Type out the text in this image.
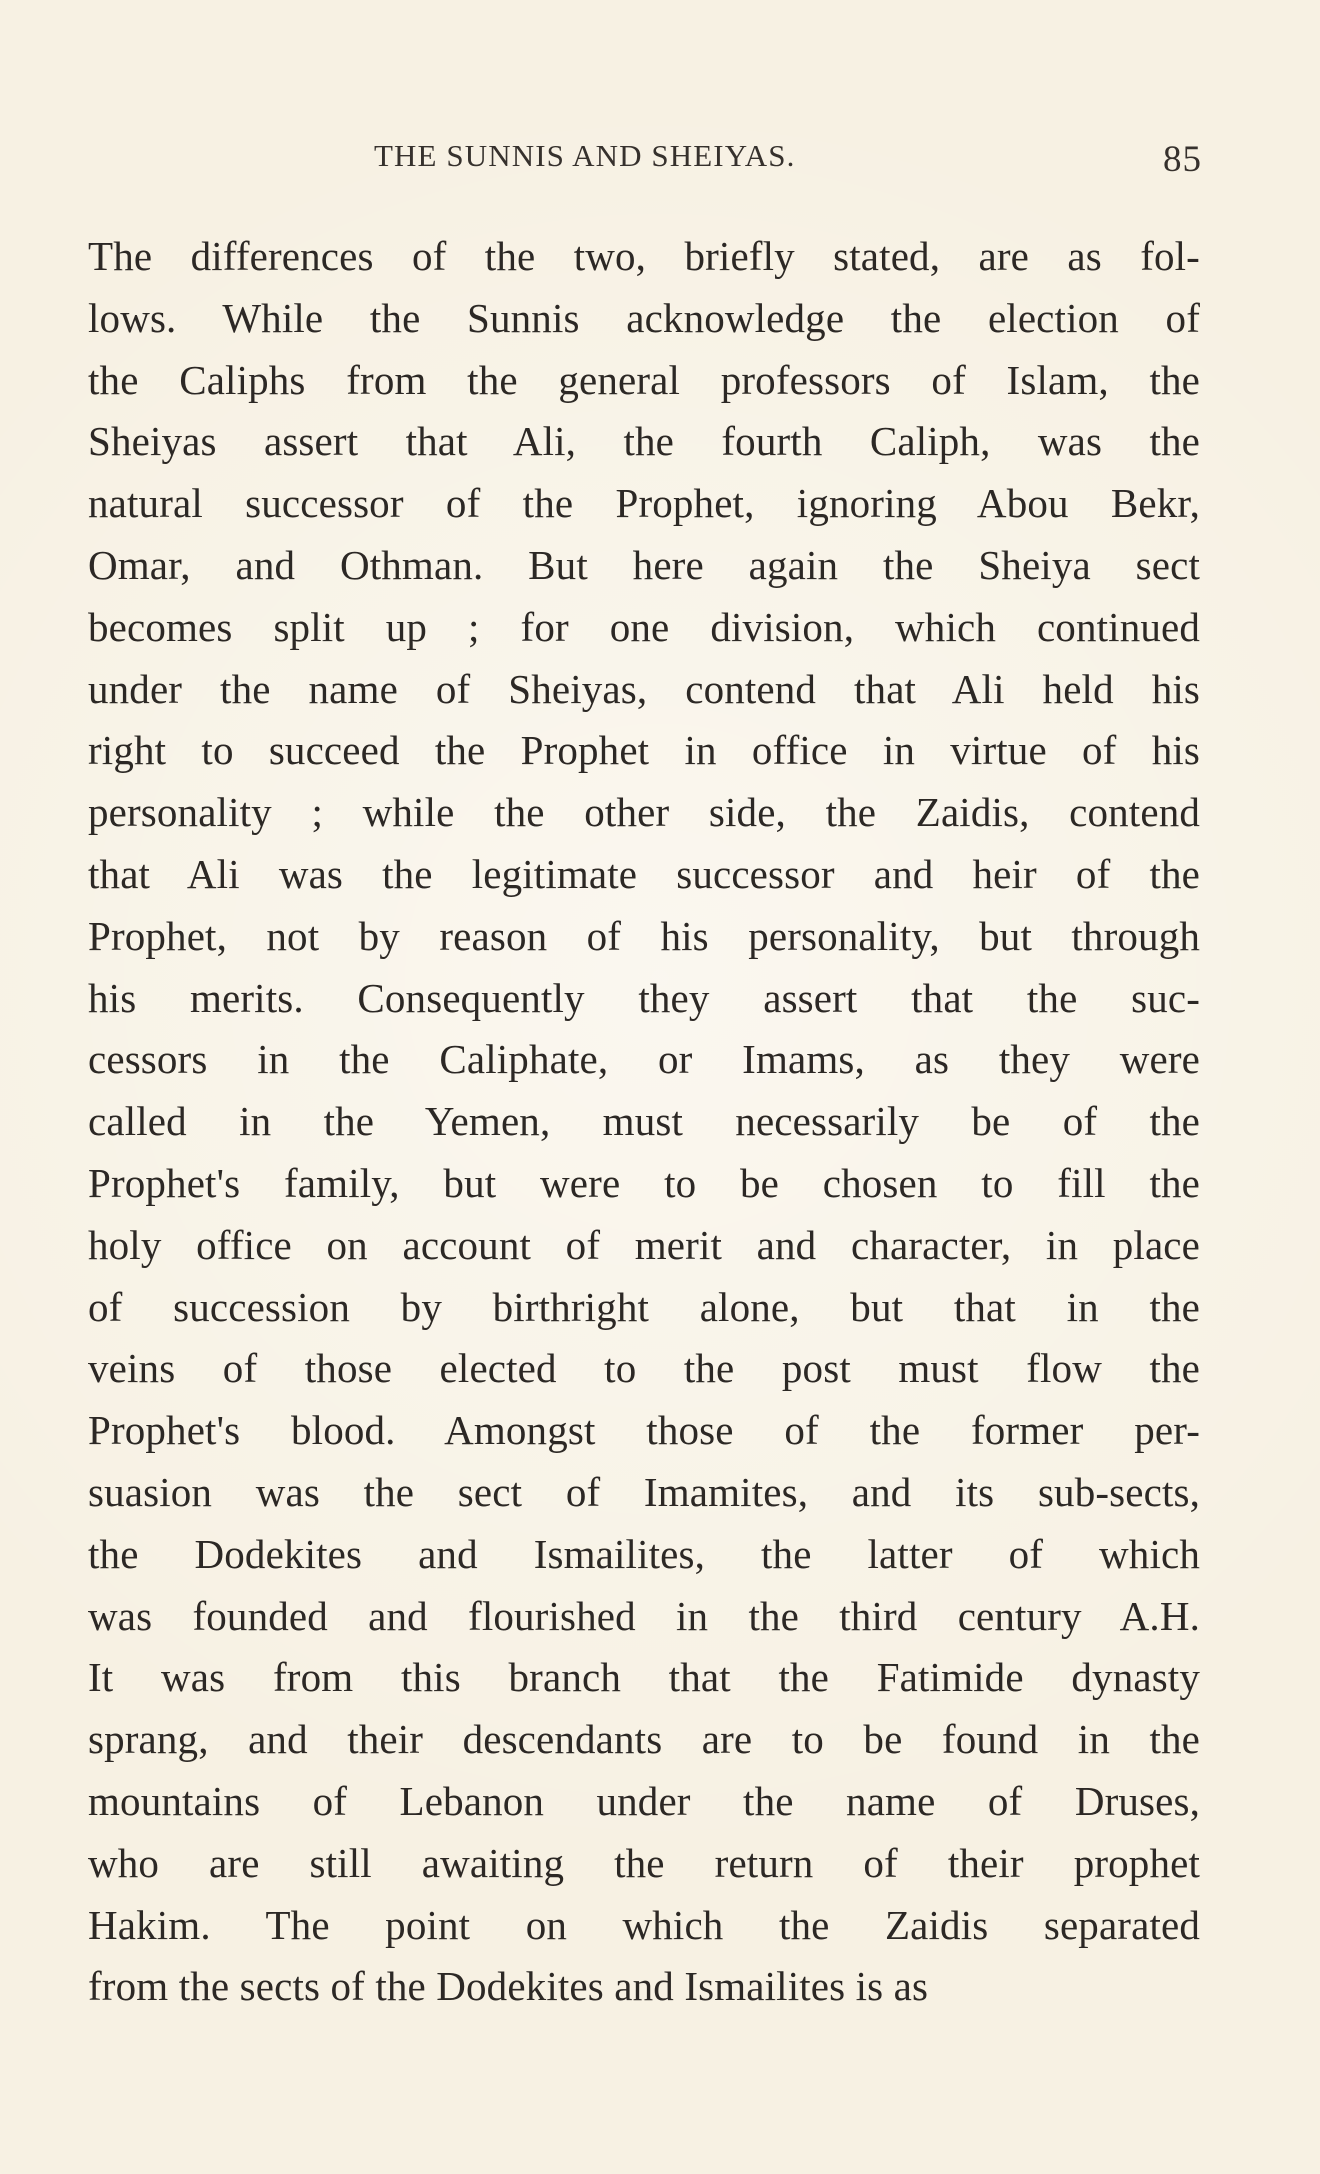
THE SUNNIS AND SHEIYAS.	85
The differences of the two, briefly stated, are as fol-
lows. While the Sunnis acknowledge the election of
the Caliphs from the general professors of Islam, the
Sheiyas assert that Ali, the fourth Caliph, was the
natural successor of the Prophet, ignoring Abou Bekr,
Omar, and Othman. But here again the Sheiya sect
becomes split up ; for one division, which continued
under the name of Sheiyas, contend that Ali held his
right to succeed the Prophet in office in virtue of his
personality ; while the other side, the Zaidis, contend
that Ali was the legitimate successor and heir of the
Prophet, not by reason of his personality, but through
his merits. Consequently they assert that the suc-
cessors in the Caliphate, or Imams, as they were
called in the Yemen, must necessarily be of the
Prophet's family, but were to be chosen to fill the
holy office on account of merit and character, in place
of succession by birthright alone, but that in the
veins of those elected to the post must flow the
Prophet's blood. Amongst those of the former per-
suasion was the sect of Imamites, and its sub-sects,
the Dodekites and Ismailites, the latter of which
was founded and flourished in the third century A.H.
It was from this branch that the Fatimide dynasty
sprang, and their descendants are to be found in the
mountains of Lebanon under the name of Druses,
who are still awaiting the return of their prophet
Hakim. The point on which the Zaidis separated
from the sects of the Dodekites and Ismailites is as
